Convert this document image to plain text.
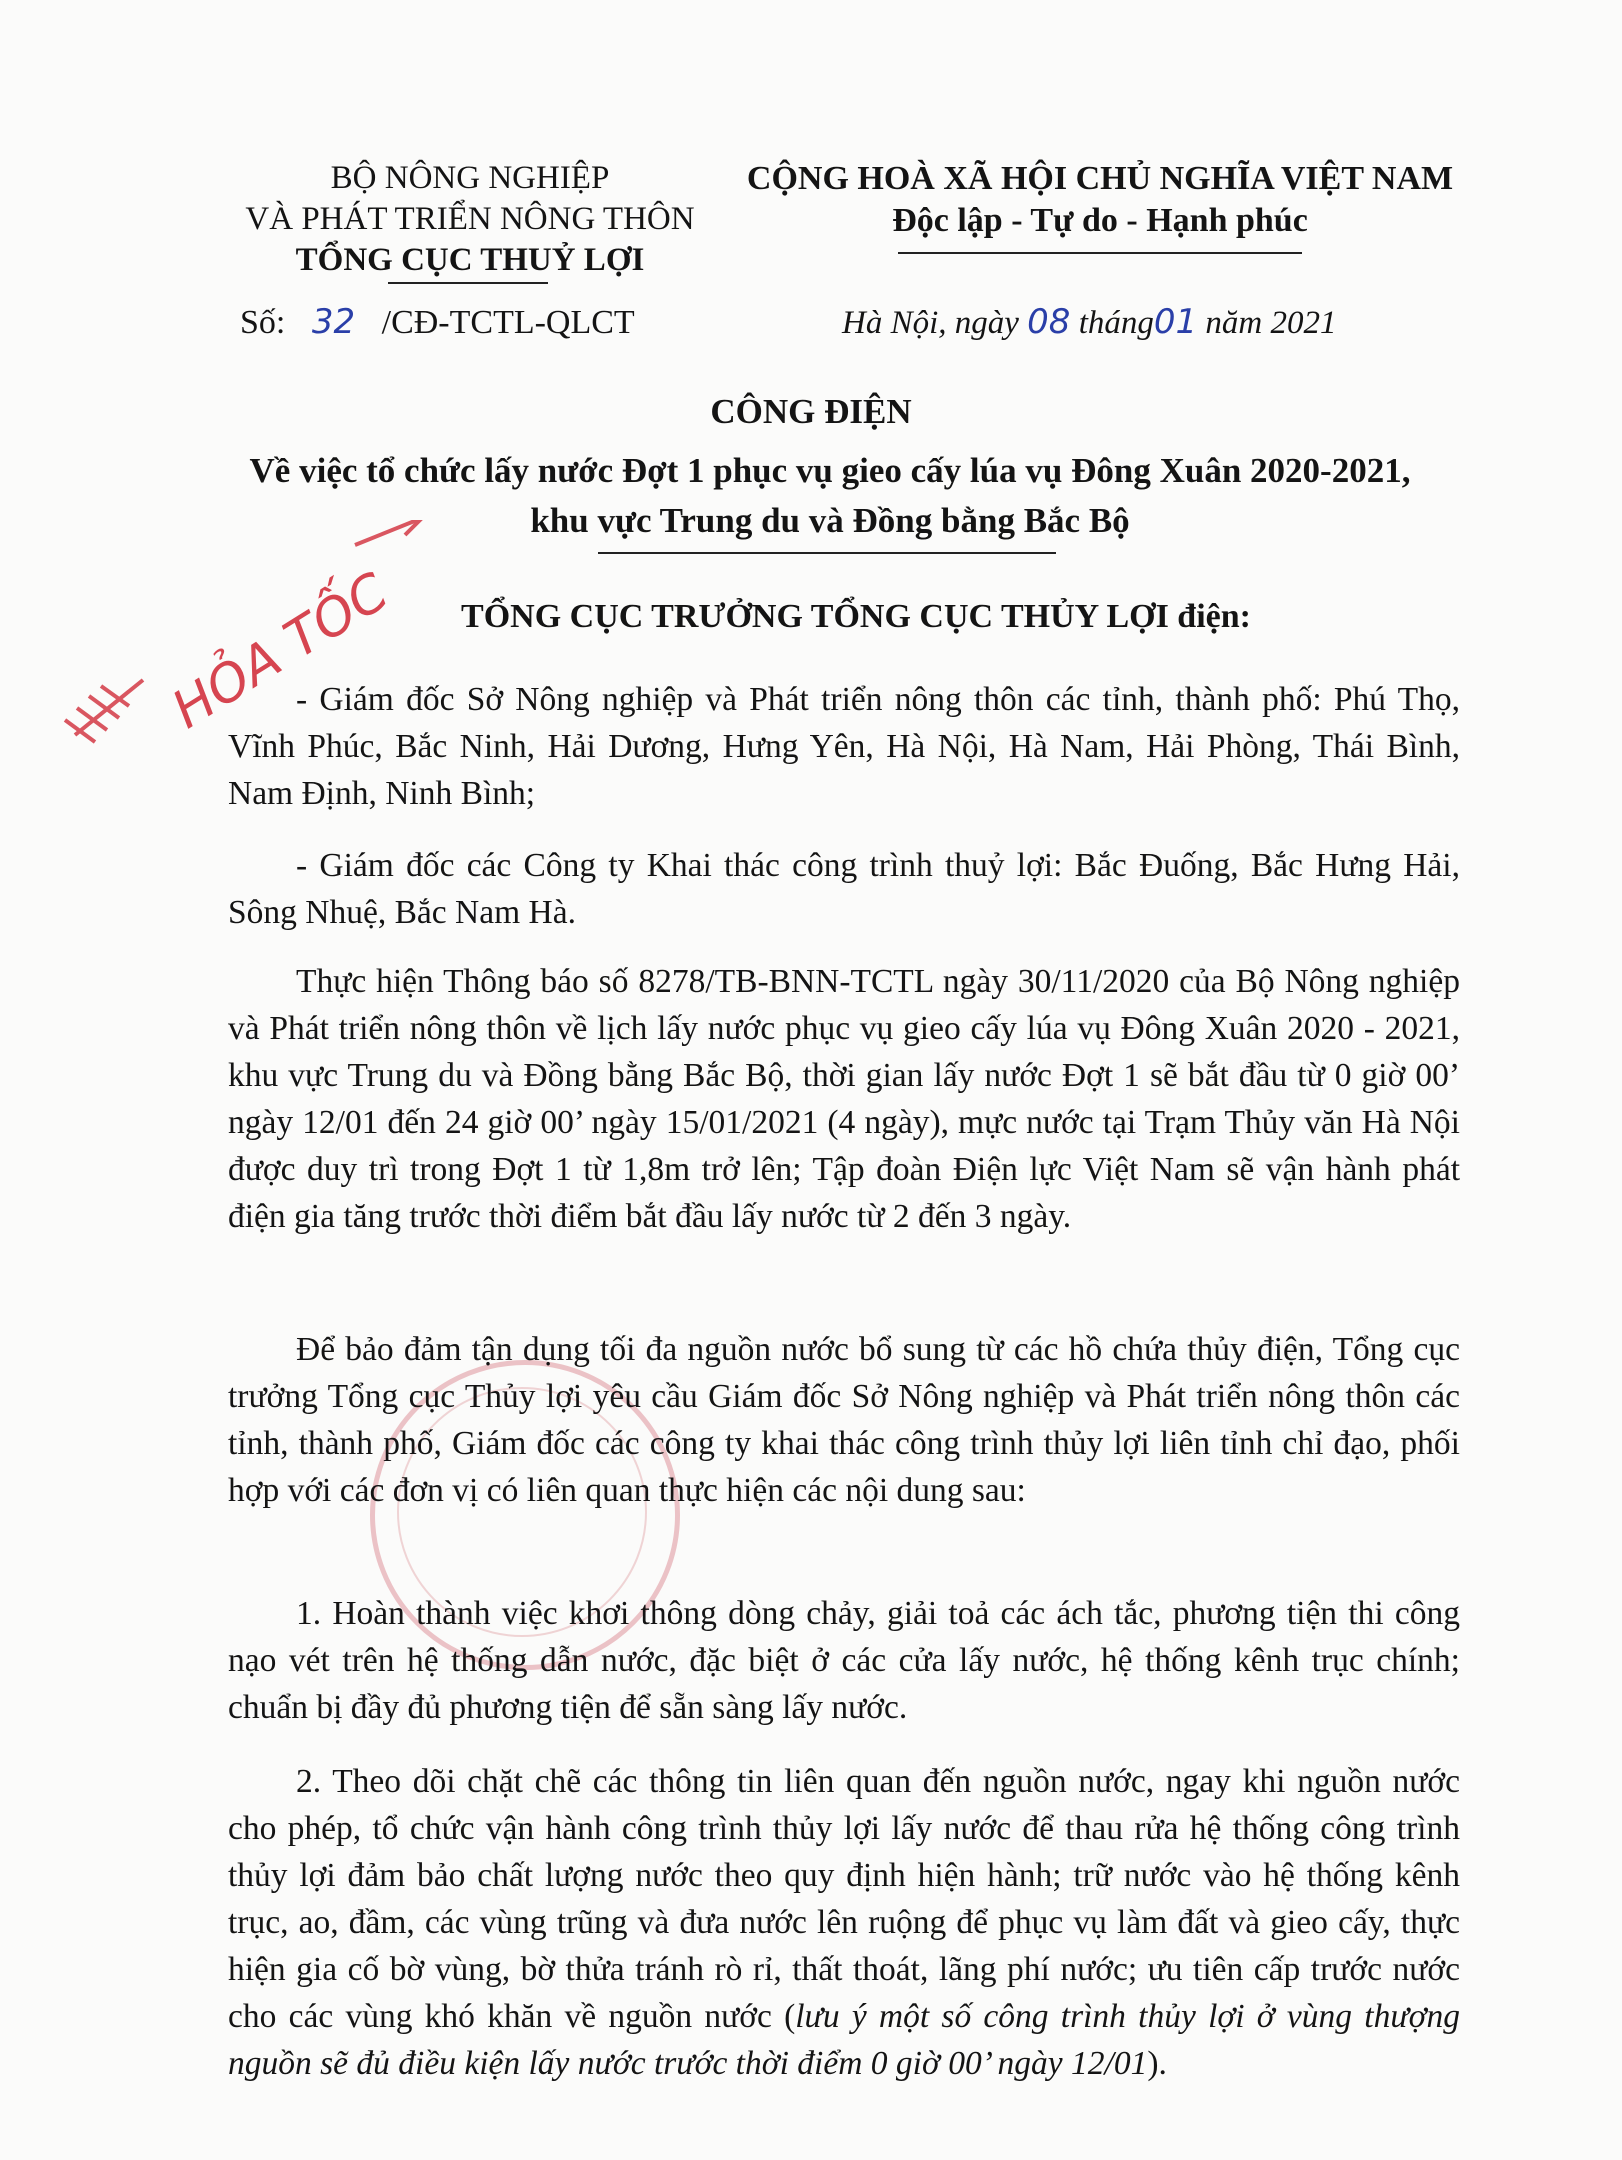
BỘ NÔNG NGHIỆP
VÀ PHÁT TRIỂN NÔNG THÔN
TỔNG CỤC THUỶ LỢI
CỘNG HOÀ XÃ HỘI CHỦ NGHĨA VIỆT NAM
Độc lập - Tự do - Hạnh phúc
Số: 32 /CĐ-TCTL-QLCT	Hà Nội, ngày 08 tháng01 năm 2021
HỎA TỐC
CÔNG ĐIỆN
Về việc tổ chức lấy nước Đợt 1 phục vụ gieo cấy lúa vụ Đông Xuân 2020-2021,
khu vực Trung du và Đồng bằng Bắc Bộ
TỔNG CỤC TRƯỞNG TỔNG CỤC THỦY LỢI điện:
- Giám đốc Sở Nông nghiệp và Phát triển nông thôn các tỉnh, thành phố: Phú Thọ, Vĩnh Phúc, Bắc Ninh, Hải Dương, Hưng Yên, Hà Nội, Hà Nam, Hải Phòng, Thái Bình, Nam Định, Ninh Bình;
- Giám đốc các Công ty Khai thác công trình thuỷ lợi: Bắc Đuống, Bắc Hưng Hải, Sông Nhuệ, Bắc Nam Hà.
Thực hiện Thông báo số 8278/TB-BNN-TCTL ngày 30/11/2020 của Bộ Nông nghiệp và Phát triển nông thôn về lịch lấy nước phục vụ gieo cấy lúa vụ Đông Xuân 2020 - 2021, khu vực Trung du và Đồng bằng Bắc Bộ, thời gian lấy nước Đợt 1 sẽ bắt đầu từ 0 giờ 00’ ngày 12/01 đến 24 giờ 00’ ngày 15/01/2021 (4 ngày), mực nước tại Trạm Thủy văn Hà Nội được duy trì trong Đợt 1 từ 1,8m trở lên; Tập đoàn Điện lực Việt Nam sẽ vận hành phát điện gia tăng trước thời điểm bắt đầu lấy nước từ 2 đến 3 ngày.
Để bảo đảm tận dụng tối đa nguồn nước bổ sung từ các hồ chứa thủy điện, Tổng cục trưởng Tổng cục Thủy lợi yêu cầu Giám đốc Sở Nông nghiệp và Phát triển nông thôn các tỉnh, thành phố, Giám đốc các công ty khai thác công trình thủy lợi liên tỉnh chỉ đạo, phối hợp với các đơn vị có liên quan thực hiện các nội dung sau:
1. Hoàn thành việc khơi thông dòng chảy, giải toả các ách tắc, phương tiện thi công nạo vét trên hệ thống dẫn nước, đặc biệt ở các cửa lấy nước, hệ thống kênh trục chính; chuẩn bị đầy đủ phương tiện để sẵn sàng lấy nước.
2. Theo dõi chặt chẽ các thông tin liên quan đến nguồn nước, ngay khi nguồn nước cho phép, tổ chức vận hành công trình thủy lợi lấy nước để thau rửa hệ thống công trình thủy lợi đảm bảo chất lượng nước theo quy định hiện hành; trữ nước vào hệ thống kênh trục, ao, đầm, các vùng trũng và đưa nước lên ruộng để phục vụ làm đất và gieo cấy, thực hiện gia cố bờ vùng, bờ thửa tránh rò rỉ, thất thoát, lãng phí nước; ưu tiên cấp trước nước cho các vùng khó khăn về nguồn nước (lưu ý một số công trình thủy lợi ở vùng thượng nguồn sẽ đủ điều kiện lấy nước trước thời điểm 0 giờ 00’ ngày 12/01).
